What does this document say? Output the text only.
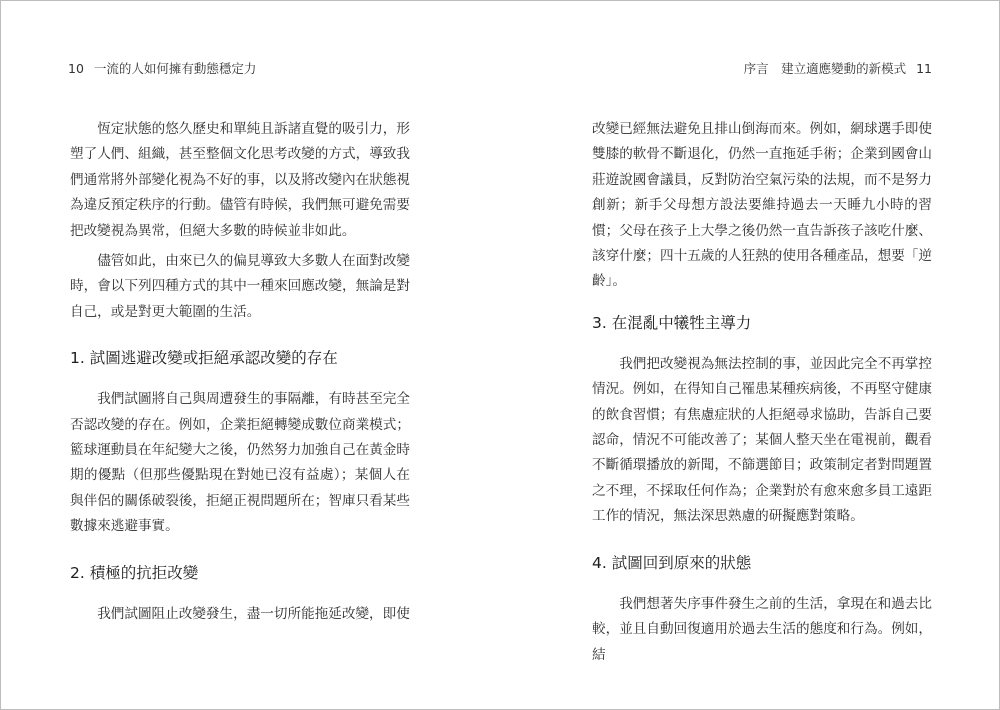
10 一流的人如何擁有動態穩定力

恆定狀態的悠久歷史和單純且訴諸直覺的吸引力，形塑了人們、組織，甚至整個文化思考改變的方式，導致我們通常將外部變化視為不好的事，以及將改變內在狀態視為違反預定秩序的行動。儘管有時候，我們無可避免需要把改變視為異常，但絕大多數的時候並非如此。

儘管如此，由來已久的偏見導致大多數人在面對改變時，會以下列四種方式的其中一種來回應改變，無論是對自己，或是對更大範圍的生活。

1. 試圖逃避改變或拒絕承認改變的存在

我們試圖將自己與周遭發生的事隔離，有時甚至完全否認改變的存在。例如，企業拒絕轉變成數位商業模式；籃球運動員在年紀變大之後，仍然努力加強自己在黃金時期的優點（但那些優點現在對她已沒有益處）；某個人在與伴侶的關係破裂後，拒絕正視問題所在；智庫只看某些數據來逃避事實。

2. 積極的抗拒改變

我們試圖阻止改變發生，盡一切所能拖延改變，即使

序言　建立適應變動的新模式 11

改變已經無法避免且排山倒海而來。例如，網球選手即使雙膝的軟骨不斷退化，仍然一直拖延手術；企業到國會山莊遊說國會議員，反對防治空氣污染的法規，而不是努力創新；新手父母想方設法要維持過去一天睡九小時的習慣；父母在孩子上大學之後仍然一直告訴孩子該吃什麼、該穿什麼；四十五歲的人狂熱的使用各種產品，想要「逆齡」。

3. 在混亂中犧牲主導力

我們把改變視為無法控制的事，並因此完全不再掌控情況。例如，在得知自己罹患某種疾病後，不再堅守健康的飲食習慣；有焦慮症狀的人拒絕尋求協助，告訴自己要認命，情況不可能改善了；某個人整天坐在電視前，觀看不斷循環播放的新聞，不篩選節目；政策制定者對問題置之不理，不採取任何作為；企業對於有愈來愈多員工遠距工作的情況，無法深思熟慮的研擬應對策略。

4. 試圖回到原來的狀態

我們想著失序事件發生之前的生活，拿現在和過去比較，並且自動回復適用於過去生活的態度和行為。例如，結
